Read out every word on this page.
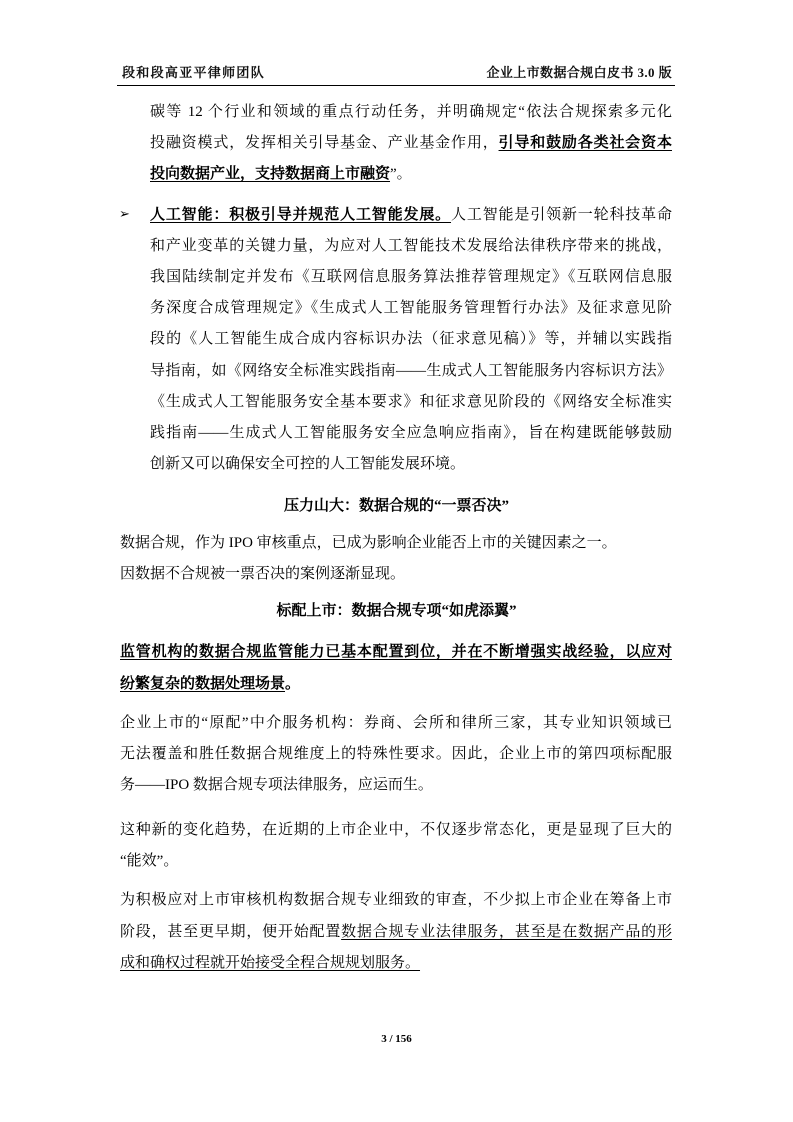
段和段高亚平律师团队	企业上市数据合规白皮书 3.0 版
碳等 12 个行业和领域的重点行动任务，并明确规定“依法合规探索多元化
投融资模式，发挥相关引导基金、产业基金作用，引导和鼓励各类社会资本
投向数据产业，支持数据商上市融资”。
➢ 人工智能：积极引导并规范人工智能发展。人工智能是引领新一轮科技革命
和产业变革的关键力量，为应对人工智能技术发展给法律秩序带来的挑战，
我国陆续制定并发布《互联网信息服务算法推荐管理规定》《互联网信息服
务深度合成管理规定》《生成式人工智能服务管理暂行办法》及征求意见阶
段的《人工智能生成合成内容标识办法（征求意见稿）》等，并辅以实践指
导指南，如《网络安全标准实践指南——生成式人工智能服务内容标识方法》
《生成式人工智能服务安全基本要求》和征求意见阶段的《网络安全标准实
践指南——生成式人工智能服务安全应急响应指南》，旨在构建既能够鼓励
创新又可以确保安全可控的人工智能发展环境。
压力山大：数据合规的“一票否决”
数据合规，作为 IPO 审核重点，已成为影响企业能否上市的关键因素之一。
因数据不合规被一票否决的案例逐渐显现。
标配上市：数据合规专项“如虎添翼”
监管机构的数据合规监管能力已基本配置到位，并在不断增强实战经验，以应对
纷繁复杂的数据处理场景。
企业上市的“原配”中介服务机构：券商、会所和律所三家，其专业知识领域已
无法覆盖和胜任数据合规维度上的特殊性要求。因此，企业上市的第四项标配服
务——IPO 数据合规专项法律服务，应运而生。
这种新的变化趋势，在近期的上市企业中，不仅逐步常态化，更是显现了巨大的
“能效”。
为积极应对上市审核机构数据合规专业细致的审查，不少拟上市企业在筹备上市
阶段，甚至更早期，便开始配置数据合规专业法律服务，甚至是在数据产品的形
成和确权过程就开始接受全程合规规划服务。
3 / 156
